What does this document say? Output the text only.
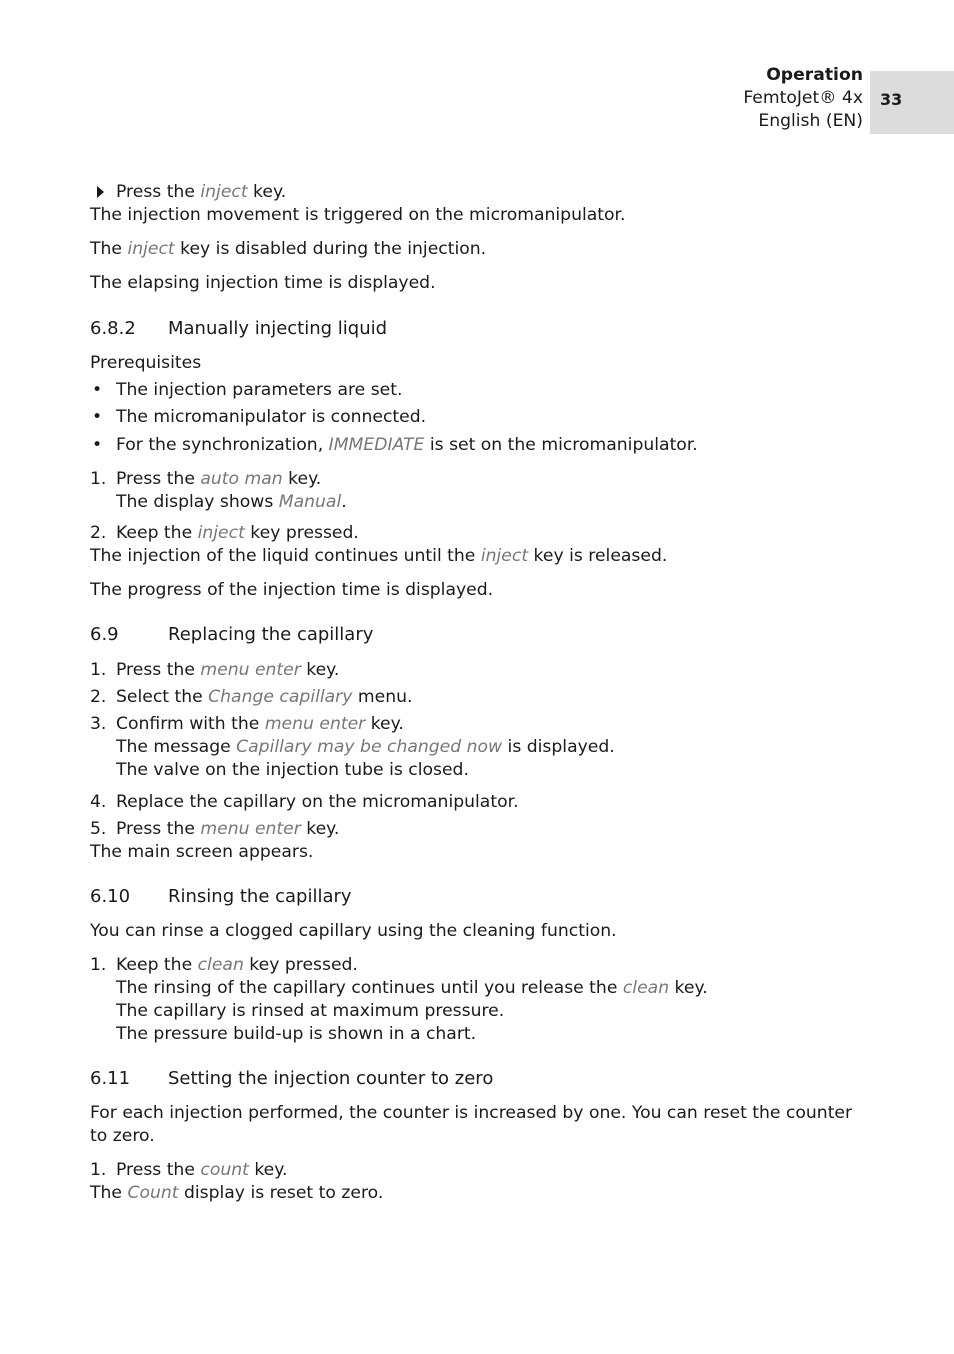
Operation
FemtoJet® 4x
English (EN)
33
Press the inject key.
The injection movement is triggered on the micromanipulator.
The inject key is disabled during the injection.
The elapsing injection time is displayed.
6.8.2 Manually injecting liquid
Prerequisites
• The injection parameters are set.
• The micromanipulator is connected.
• For the synchronization, IMMEDIATE is set on the micromanipulator.
1. Press the auto man key.
The display shows Manual.
2. Keep the inject key pressed.
The injection of the liquid continues until the inject key is released.
The progress of the injection time is displayed.
6.9	Replacing the capillary
1. Press the menu enter key.
2. Select the Change capillary menu.
3. Confirm with the menu enter key.
The message Capillary may be changed now is displayed.
The valve on the injection tube is closed.
4. Replace the capillary on the micromanipulator.
5. Press the menu enter key.
The main screen appears.
6.10 Rinsing the capillary
You can rinse a clogged capillary using the cleaning function.
1. Keep the clean key pressed.
The rinsing of the capillary continues until you release the clean key.
The capillary is rinsed at maximum pressure.
The pressure build-up is shown in a chart.
6.11 Setting the injection counter to zero
For each injection performed, the counter is increased by one. You can reset the counter to zero.
1. Press the count key.
The Count display is reset to zero.
